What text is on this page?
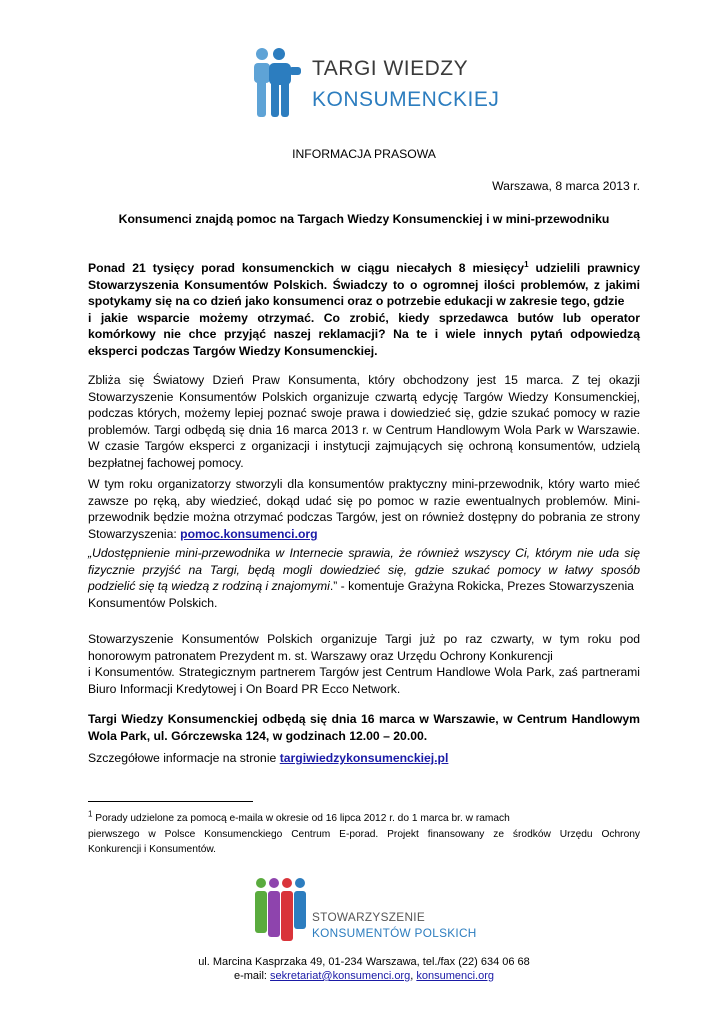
TARGI WIEDZY
KONSUMENCKIEJ
INFORMACJA PRASOWA
Warszawa, 8 marca 2013 r.
Konsumenci znajdą pomoc na Targach Wiedzy Konsumenckiej i w mini-przewodniku
Ponad 21 tysięcy porad konsumenckich w ciągu niecałych 8 miesięcy$^1$ udzielili prawnicy
Stowarzyszenia Konsumentów Polskich. Świadczy to o ogromnej ilości problemów, z jakimi
spotykamy się na co dzień jako konsumenci oraz o potrzebie edukacji w zakresie tego, gdzie
i jakie wsparcie możemy otrzymać. Co zrobić, kiedy sprzedawca butów lub operator
komórkowy nie chce przyjąć naszej reklamacji? Na te i wiele innych pytań odpowiedzą
eksperci podczas Targów Wiedzy Konsumenckiej.
Zbliża się Światowy Dzień Praw Konsumenta, który obchodzony jest 15 marca. Z tej okazji
Stowarzyszenie Konsumentów Polskich organizuje czwartą edycję Targów Wiedzy Konsumenckiej,
podczas których, możemy lepiej poznać swoje prawa i dowiedzieć się, gdzie szukać pomocy w razie
problemów. Targi odbędą się dnia 16 marca 2013 r. w Centrum Handlowym Wola Park w Warszawie.
W czasie Targów eksperci z organizacji i instytucji zajmujących się ochroną konsumentów, udzielą
bezpłatnej fachowej pomocy.
W tym roku organizatorzy stworzyli dla konsumentów praktyczny mini-przewodnik, który warto mieć
zawsze po ręką, aby wiedzieć, dokąd udać się po pomoc w razie ewentualnych problemów. Mini-
przewodnik będzie można otrzymać podczas Targów, jest on również dostępny do pobrania ze strony
Stowarzyszenia: pomoc.konsumenci.org
„Udostępnienie mini-przewodnika w Internecie sprawia, że również wszyscy Ci, którym nie uda się
fizycznie przyjść na Targi, będą mogli dowiedzieć się, gdzie szukać pomocy w łatwy sposób
podzielić się tą wiedzą z rodziną i znajomymi.” - komentuje Grażyna Rokicka, Prezes Stowarzyszenia
Konsumentów Polskich.
Stowarzyszenie Konsumentów Polskich organizuje Targi już po raz czwarty, w tym roku pod
honorowym patronatem Prezydent m. st. Warszawy oraz Urzędu Ochrony Konkurencji
i Konsumentów. Strategicznym partnerem Targów jest Centrum Handlowe Wola Park, zaś partnerami
Biuro Informacji Kredytowej i On Board PR Ecco Network.
Targi Wiedzy Konsumenckiej odbędą się dnia 16 marca w Warszawie, w Centrum Handlowym
Wola Park, ul. Górczewska 124, w godzinach 12.00 – 20.00.
Szczegółowe informacje na stronie targiwiedzykonsumenckiej.pl
$^1$ Porady udzielone za pomocą e-maila w okresie od 16 lipca 2012 r. do 1 marca br. w ramach
pierwszego w Polsce Konsumenckiego Centrum E-porad. Projekt finansowany ze środków Urzędu Ochrony
Konkurencji i Konsumentów.
STOWARZYSZENIE
KONSUMENTÓW POLSKICH
ul. Marcina Kasprzaka 49, 01-234 Warszawa, tel./fax (22) 634 06 68
e-mail: sekretariat@konsumenci.org, konsumenci.org
